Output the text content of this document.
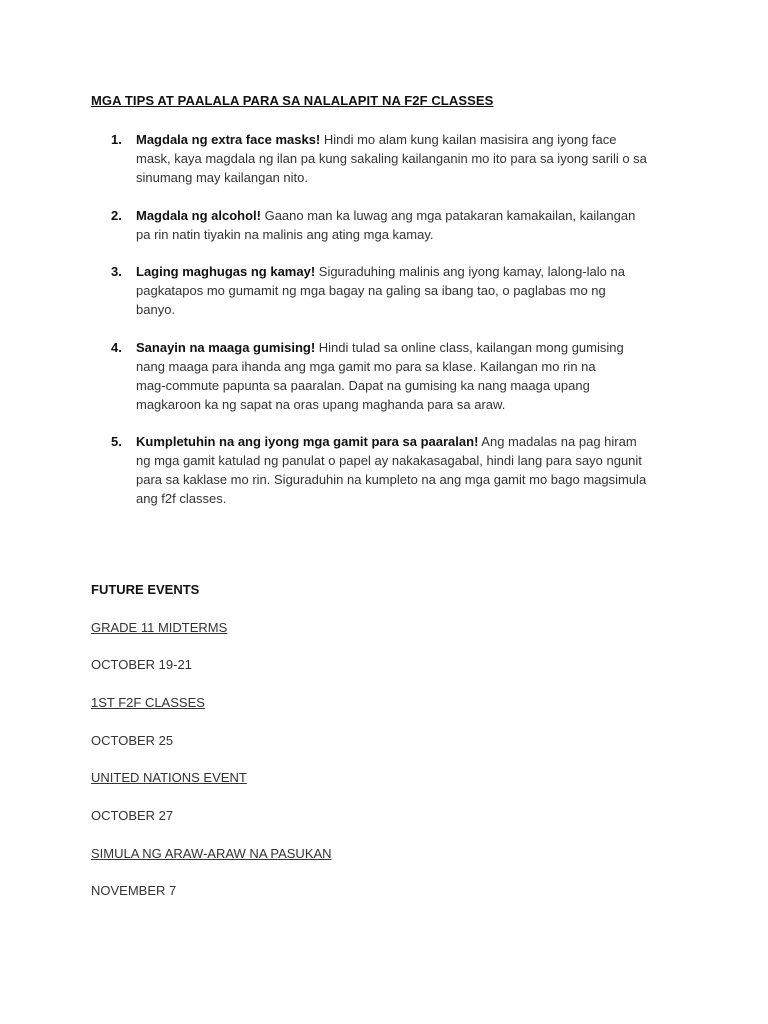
MGA TIPS AT PAALALA PARA SA NALALAPIT NA F2F CLASSES
1. Magdala ng extra face masks! Hindi mo alam kung kailan masisira ang iyong face
mask, kaya magdala ng ilan pa kung sakaling kailanganin mo ito para sa iyong sarili o sa
sinumang may kailangan nito.
2. Magdala ng alcohol! Gaano man ka luwag ang mga patakaran kamakailan, kailangan
pa rin natin tiyakin na malinis ang ating mga kamay.
3. Laging maghugas ng kamay! Siguraduhing malinis ang iyong kamay, lalong-lalo na
pagkatapos mo gumamit ng mga bagay na galing sa ibang tao, o paglabas mo ng
banyo.
4. Sanayin na maaga gumising! Hindi tulad sa online class, kailangan mong gumising
nang maaga para ihanda ang mga gamit mo para sa klase. Kailangan mo rin na
mag-commute papunta sa paaralan. Dapat na gumising ka nang maaga upang
magkaroon ka ng sapat na oras upang maghanda para sa araw.
5. Kumpletuhin na ang iyong mga gamit para sa paaralan! Ang madalas na pag hiram
ng mga gamit katulad ng panulat o papel ay nakakasagabal, hindi lang para sayo ngunit
para sa kaklase mo rin. Siguraduhin na kumpleto na ang mga gamit mo bago magsimula
ang f2f classes.
FUTURE EVENTS
GRADE 11 MIDTERMS
OCTOBER 19-21
1ST F2F CLASSES
OCTOBER 25
UNITED NATIONS EVENT
OCTOBER 27
SIMULA NG ARAW-ARAW NA PASUKAN
NOVEMBER 7
